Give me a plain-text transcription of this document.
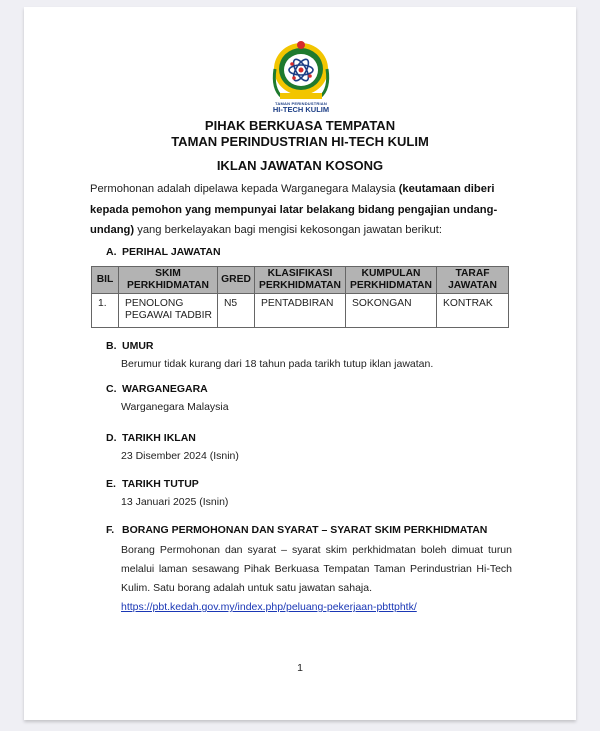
TAMAN PERINDUSTRIAN
HI-TECH KULIM
PIHAK BERKUASA TEMPATAN
TAMAN PERINDUSTRIAN HI-TECH KULIM
IKLAN JAWATAN KOSONG
Permohonan adalah dipelawa kepada Warganegara Malaysia (keutamaan diberi kepada pemohon yang mempunyai latar belakang bidang pengajian undang-undang) yang berkelayakan bagi mengisi kekosongan jawatan berikut:
A. PERIHAL JAWATAN
BIL	SKIM PERKHIDMATAN	GRED	KLASIFIKASI PERKHIDMATAN	KUMPULAN PERKHIDMATAN	TARAF JAWATAN
1.	PENOLONG PEGAWAI TADBIR	N5	PENTADBIRAN	SOKONGAN	KONTRAK
B. UMUR
Berumur tidak kurang dari 18 tahun pada tarikh tutup iklan jawatan.
C. WARGANEGARA
Warganegara Malaysia
D. TARIKH IKLAN
23 Disember 2024 (Isnin)
E. TARIKH TUTUP
13 Januari 2025 (Isnin)
F. BORANG PERMOHONAN DAN SYARAT – SYARAT SKIM PERKHIDMATAN
Borang Permohonan dan syarat – syarat skim perkhidmatan boleh dimuat turun melalui laman sesawang Pihak Berkuasa Tempatan Taman Perindustrian Hi-Tech Kulim. Satu borang adalah untuk satu jawatan sahaja.
https://pbt.kedah.gov.my/index.php/peluang-pekerjaan-pbttphtk/
1
